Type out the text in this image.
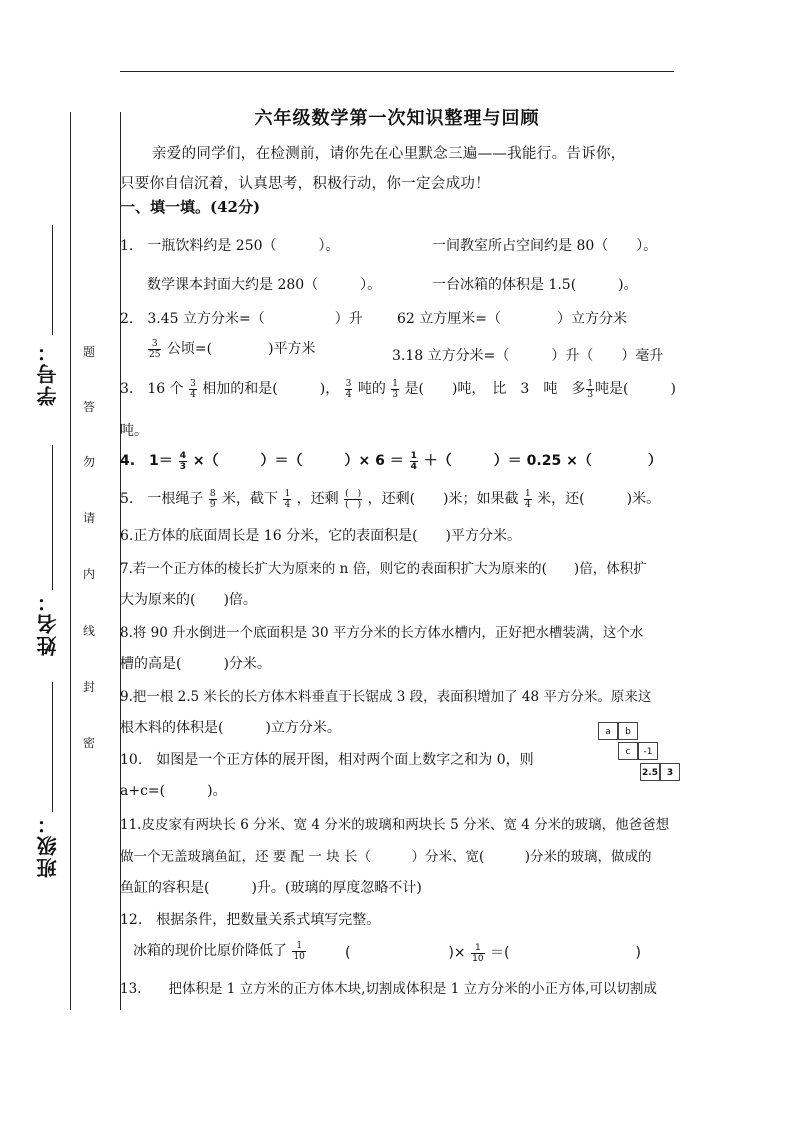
学号：
姓名：
班级：
题
答
勿
请
内
线
封
密
六年级数学第一次知识整理与回顾
亲爱的同学们，在检测前，请你先在心里默念三遍——我能行。告诉你，
只要你自信沉着，认真思考，积极行动，你一定会成功！
一、填一填。(42分)
1.　一瓶饮料约是 250（　　　）。	一间教室所占空间约是 80（　　）。
数学课本封面大约是 280（　　　）。	一台冰箱的体积是 1.5(　　　)。
2.　3.45 立方分米=（　　　　　）升 62 立方厘米=（　　　　）立方分米
$\frac{3}{25}$ 公顷=(　　　　)平方米	3.18 立方分米=（　　　）升（　　）毫升
3.　16 个 $\frac{3}{4}$ 相加的和是(　　　)， $\frac{3}{4}$ 吨的 $\frac{1}{3}$ 是(　　)吨，　比　3　吨　多 $\frac{1}{3}$ 吨是(　　　)
吨。
4.　$1= \frac{4}{3}$ ×（　　　）＝（　　　）× $6 = \frac{1}{4}$ ＋（　　　）＝ 0.25 ×（　　　　）
5.　一根绳子 $\frac{8}{9}$ 米，截下 $\frac{1}{4}$ ，还剩 $\frac{( )}{( )}$ ，还剩(　　)米；如果截 $\frac{1}{4}$ 米，还(　　　)米。
6.正方体的底面周长是 16 分米，它的表面积是(　　)平方分米。
7.若一个正方体的棱长扩大为原来的 n 倍，则它的表面积扩大为原来的(　　)倍，体积扩
大为原来的(　　)倍。
8.将 90 升水倒进一个底面积是 30 平方分米的长方体水槽内，正好把水槽装满，这个水
槽的高是(　　　)分米。
9.把一根 2.5 米长的长方体木料垂直于长锯成 3 段，表面积增加了 48 平方分米。原来这
根木料的体积是(　　　)立方分米。
10.　如图是一个正方体的展开图，相对两个面上数字之和为 0，则
a+c=(　　　)。
a	b
c	-1
2.5 3
11.皮皮家有两块长 6 分米、宽 4 分米的玻璃和两块长 5 分米、宽 4 分米的玻璃，他爸爸想
做一个无盖玻璃鱼缸，还 要 配 一 块 长（　　　）分米、宽(　　　)分米的玻璃，做成的
鱼缸的容积是(　　　)升。(玻璃的厚度忽略不计)
12.　根据条件，把数量关系式填写完整。
冰箱的现价比原价降低了 $\frac{1}{10}$	(　　　　　　　)× $\frac{1}{10}$ ＝(　　　　　　　　　)
13.　　把体积是 1 立方米的正方体木块,切割成体积是 1 立方分米的小正方体,可以切割成
